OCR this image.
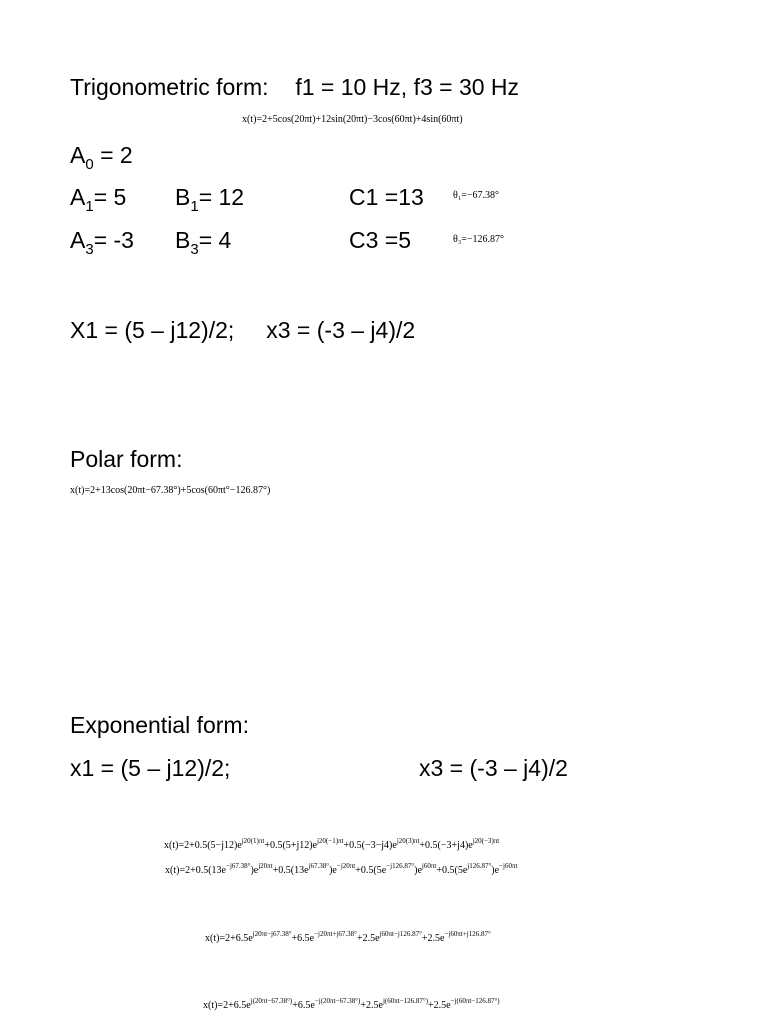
Trigonometric form: f1 = 10 Hz, f3 = 30 Hz
x(t)=2+5cos(20πt)+12sin(20πt)−3cos(60πt)+4sin(60πt)
$A_0 = 2$
$A_1= 5$ $B_1= 12$	C1 =13	θ₁=−67.38°
$A_3= -3$ $B_3= 4$	C3 =5	θ₃=−126.87°
X1 = (5 – j12)/2;     x3 = (-3 – j4)/2
Polar form:
x(t)=2+13cos(20πt−67.38°)+5cos(60πt°−126.87°)
Exponential form:
x1 = (5 – j12)/2;	x3 = (-3 – j4)/2
$x(t)=2+0.5(5-j12)e^{j20(1)\pi t}+0.5(5+j12)e^{j20(-1)\pi t}+0.5(-3-j4)e^{j20(3)\pi t}+0.5(-3+j4)e^{j20(-3)\pi t}$
$x(t)=2+0.5(13e^{-j67.38^\circ})e^{j20\pi t}+0.5(13e^{j67.38^\circ})e^{-j20\pi t}+0.5(5e^{-j126.87^\circ})e^{j60\pi t}+0.5(5e^{j126.87^\circ})e^{-j60\pi t}$
$x(t)=2+6.5e^{j20\pi t-j67.38^\circ}+6.5e^{-j20\pi t+j67.38^\circ}+2.5e^{j60\pi t-j126.87^\circ}+2.5e^{-j60\pi t+j126.87^\circ}$
$x(t)=2+6.5e^{j(20\pi t-67.38^\circ)}+6.5e^{-j(20\pi t-67.38^\circ)}+2.5e^{j(60\pi t-126.87^\circ)}+2.5e^{-j(60\pi t-126.87^\circ)}$
